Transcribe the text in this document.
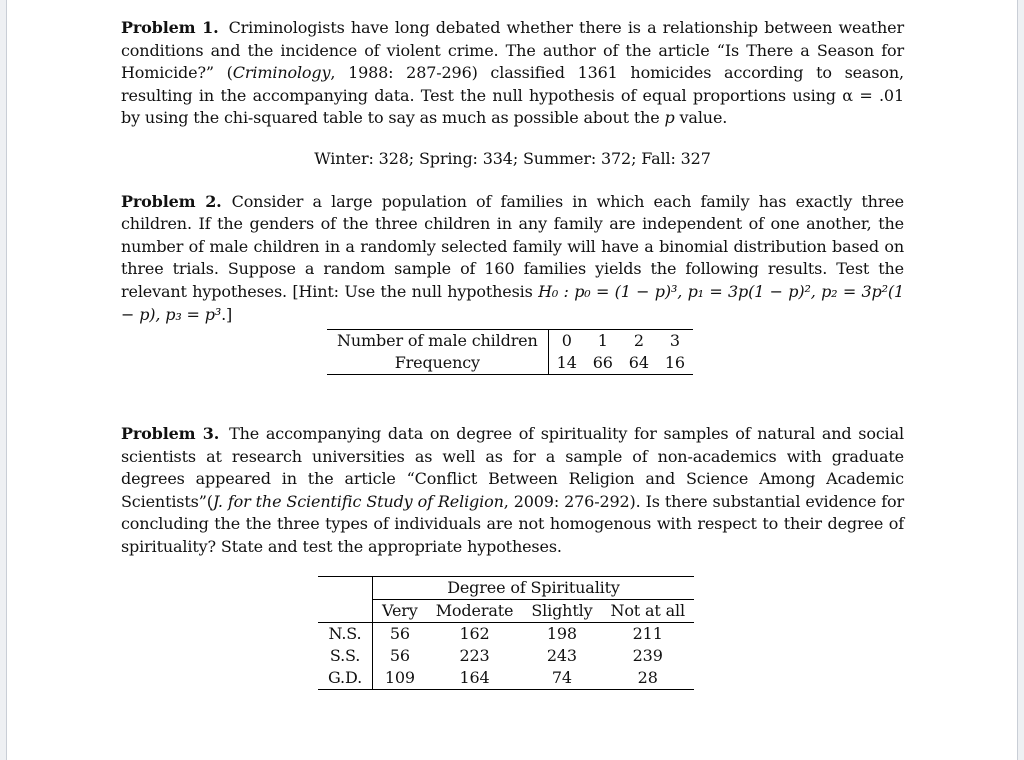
Problem 1. Criminologists have long debated whether there is a relationship between weather conditions and the incidence of violent crime. The author of the article “Is There a Season for Homicide?” (Criminology, 1988: 287-296) classified 1361 homicides according to season, resulting in the accompanying data. Test the null hypothesis of equal proportions using α = .01 by using the chi-squared table to say as much as possible about the p value.

Winter: 328; Spring: 334; Summer: 372; Fall: 327

Problem 2. Consider a large population of families in which each family has exactly three children. If the genders of the three children in any family are independent of one another, the number of male children in a randomly selected family will have a binomial distribution based on three trials. Suppose a random sample of 160 families yields the following results. Test the relevant hypotheses. [Hint: Use the null hypothesis H₀ : p₀ = (1 − p)³, p₁ = 3p(1 − p)², p₂ = 3p²(1 − p), p₃ = p³.]

Number of male children	0	1	2	3
Frequency	14	66	64	16

Problem 3. The accompanying data on degree of spirituality for samples of natural and social scientists at research universities as well as for a sample of non-academics with graduate degrees appeared in the article “Conflict Between Religion and Science Among Academic Scientists”(J. for the Scientific Study of Religion, 2009: 276-292). Is there substantial evidence for concluding the the three types of individuals are not homogenous with respect to their degree of spirituality? State and test the appropriate hypotheses.

	Degree of Spirituality			
	Very	Moderate	Slightly	Not at all
N.S.	56	162	198	211
S.S.	56	223	243	239
G.D.	109	164	74	28
